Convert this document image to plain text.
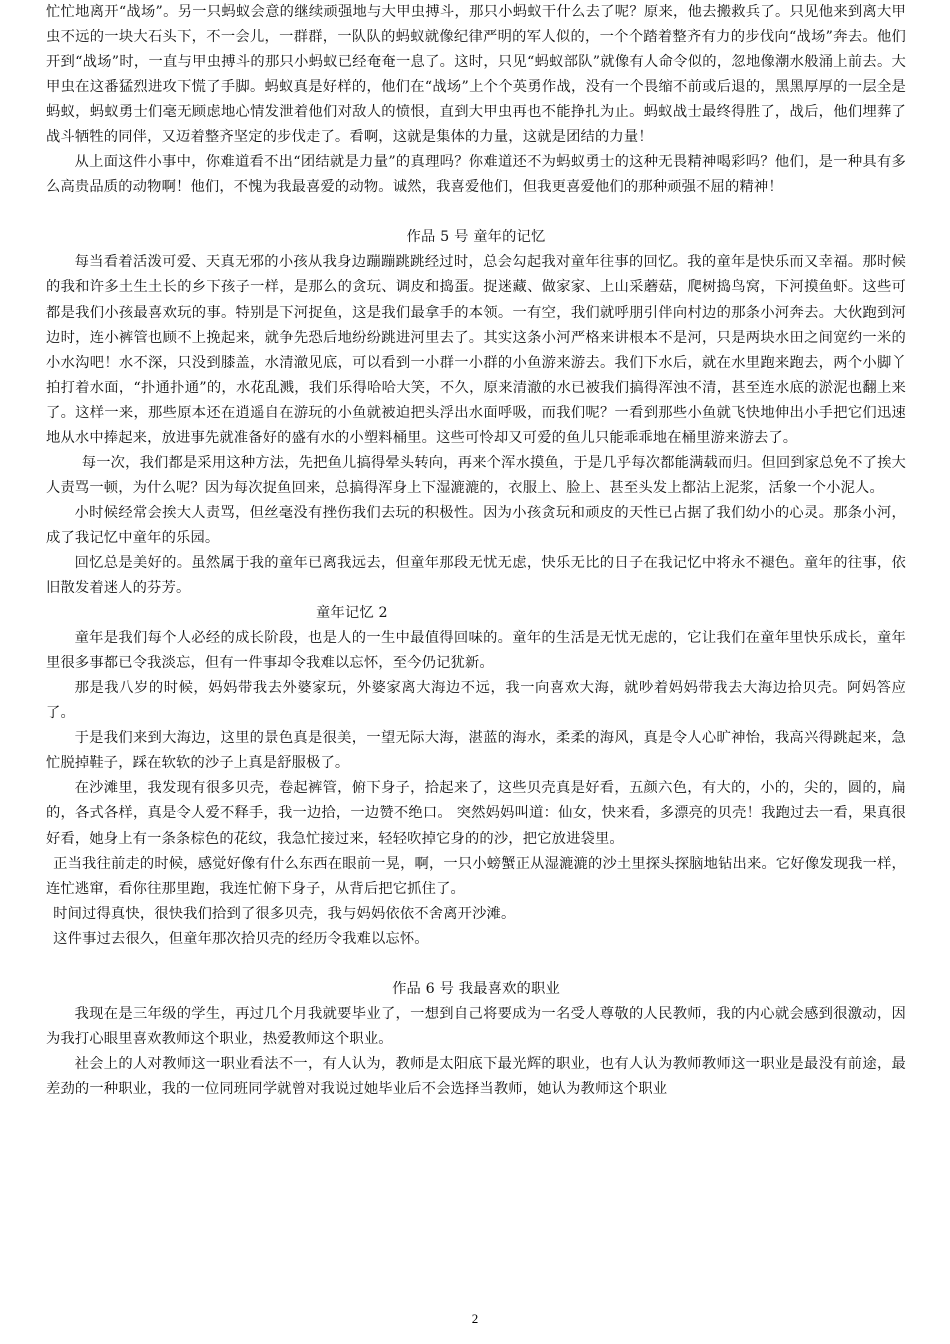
忙忙地离开“战场”。另一只蚂蚁会意的继续顽强地与大甲虫搏斗，那只小蚂蚁干什么去了呢？原来，他去搬救兵了。只见他来到离大甲虫不远的一块大石头下，不一会儿，一群群，一队队的蚂蚁就像纪律严明的军人似的，一个个踏着整齐有力的步伐向“战场”奔去。他们开到“战场”时，一直与甲虫搏斗的那只小蚂蚁已经奄奄一息了。这时，只见“蚂蚁部队”就像有人命令似的，忽地像潮水般涌上前去。大甲虫在这番猛烈进攻下慌了手脚。蚂蚁真是好样的，他们在“战场”上个个英勇作战，没有一个畏缩不前或后退的，黑黑厚厚的一层全是蚂蚁，蚂蚁勇士们毫无顾虑地心情发泄着他们对敌人的愤恨，直到大甲虫再也不能挣扎为止。蚂蚁战士最终得胜了，战后，他们埋葬了战斗牺牲的同伴，又迈着整齐坚定的步伐走了。看啊，这就是集体的力量，这就是团结的力量！

从上面这件小事中，你难道看不出“团结就是力量”的真理吗？你难道还不为蚂蚁勇士的这种无畏精神喝彩吗？他们，是一种具有多么高贵品质的动物啊！他们，不愧为我最喜爱的动物。诚然，我喜爱他们，但我更喜爱他们的那种顽强不屈的精神！

作品 5 号 童年的记忆

每当看着活泼可爱、天真无邪的小孩从我身边蹦蹦跳跳经过时，总会勾起我对童年往事的回忆。我的童年是快乐而又幸福。那时候的我和许多土生土长的乡下孩子一样，是那么的贪玩、调皮和捣蛋。捉迷藏、做家家、上山采蘑菇，爬树捣鸟窝，下河摸鱼虾。这些可都是我们小孩最喜欢玩的事。特别是下河捉鱼，这是我们最拿手的本领。一有空，我们就呼朋引伴向村边的那条小河奔去。大伙跑到河边时，连小裤管也顾不上挽起来，就争先恐后地纷纷跳进河里去了。其实这条小河严格来讲根本不是河，只是两块水田之间宽约一米的小水沟吧！水不深，只没到膝盖，水清澈见底，可以看到一小群一小群的小鱼游来游去。我们下水后，就在水里跑来跑去，两个小脚丫拍打着水面，“扑通扑通”的，水花乱溅，我们乐得哈哈大笑，不久，原来清澈的水已被我们搞得浑浊不清，甚至连水底的淤泥也翻上来了。这样一来，那些原本还在逍遥自在游玩的小鱼就被迫把头浮出水面呼吸，而我们呢？一看到那些小鱼就飞快地伸出小手把它们迅速地从水中捧起来，放进事先就准备好的盛有水的小塑料桶里。这些可怜却又可爱的鱼儿只能乖乖地在桶里游来游去了。

每一次，我们都是采用这种方法，先把鱼儿搞得晕头转向，再来个浑水摸鱼，于是几乎每次都能满载而归。但回到家总免不了挨大人责骂一顿，为什么呢？因为每次捉鱼回来，总搞得浑身上下湿漉漉的，衣服上、脸上、甚至头发上都沾上泥浆，活象一个小泥人。

小时候经常会挨大人责骂，但丝毫没有挫伤我们去玩的积极性。因为小孩贪玩和顽皮的天性已占据了我们幼小的心灵。那条小河，成了我记忆中童年的乐园。

回忆总是美好的。虽然属于我的童年已离我远去，但童年那段无忧无虑，快乐无比的日子在我记忆中将永不褪色。童年的往事，依旧散发着迷人的芬芳。

童年记忆 2

童年是我们每个人必经的成长阶段，也是人的一生中最值得回味的。童年的生活是无忧无虑的，它让我们在童年里快乐成长，童年里很多事都已令我淡忘，但有一件事却令我难以忘怀，至今仍记犹新。

那是我八岁的时候，妈妈带我去外婆家玩，外婆家离大海边不远，我一向喜欢大海，就吵着妈妈带我去大海边拾贝壳。阿妈答应了。

于是我们来到大海边，这里的景色真是很美，一望无际大海，湛蓝的海水，柔柔的海风，真是令人心旷神怡，我高兴得跳起来，急忙脱掉鞋子，踩在软软的沙子上真是舒服极了。

在沙滩里，我发现有很多贝壳，卷起裤管，俯下身子，拾起来了，这些贝壳真是好看，五颜六色，有大的，小的，尖的，圆的，扁的，各式各样，真是令人爱不释手，我一边拾，一边赞不绝口。 突然妈妈叫道：仙女，快来看，多漂亮的贝壳！我跑过去一看，果真很好看，她身上有一条条棕色的花纹，我急忙接过来，轻轻吹掉它身的的沙，把它放进袋里。

正当我往前走的时候，感觉好像有什么东西在眼前一晃，啊，一只小螃蟹正从湿漉漉的沙土里探头探脑地钻出来。它好像发现我一样，连忙逃窜，看你往那里跑，我连忙俯下身子，从背后把它抓住了。

时间过得真快，很快我们拾到了很多贝壳，我与妈妈依依不舍离开沙滩。

这件事过去很久，但童年那次拾贝壳的经历令我难以忘怀。

作品 6 号 我最喜欢的职业

我现在是三年级的学生，再过几个月我就要毕业了，一想到自己将要成为一名受人尊敬的人民教师，我的内心就会感到很激动，因为我打心眼里喜欢教师这个职业，热爱教师这个职业。

社会上的人对教师这一职业看法不一，有人认为，教师是太阳底下最光辉的职业，也有人认为教师教师这一职业是最没有前途，最差劲的一种职业，我的一位同班同学就曾对我说过她毕业后不会选择当教师，她认为教师这个职业

2
